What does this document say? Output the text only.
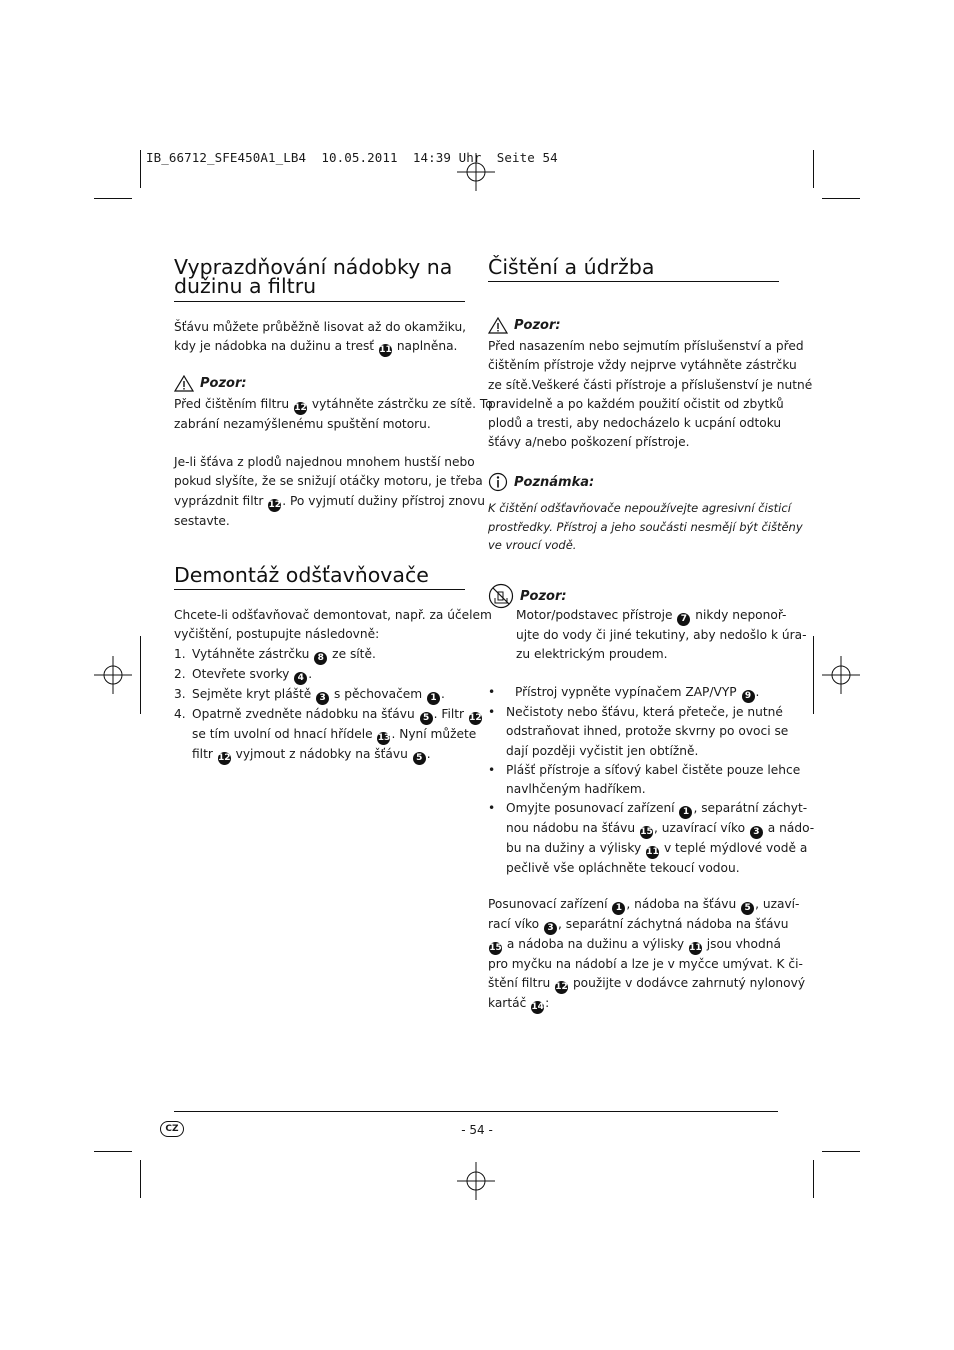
IB_66712_SFE450A1_LB4  10.05.2011  14:39 Uhr  Seite 54
Vyprazdňování nádobky na
dužinu a filtru
Šťávu můžete průběžně lisovat až do okamžiku,
kdy je nádobka na dužinu a tresť 11 naplněna.
Pozor:
Před čištěním filtru 12 vytáhněte zástrčku ze sítě. To
zabrání nezamýšlenému spuštění motoru.
Je-li šťáva z plodů najednou mnohem hustší nebo
pokud slyšíte, že se snižují otáčky motoru, je třeba
vyprázdnit filtr 12. Po vyjmutí dužiny přístroj znovu
sestavte.
Demontáž odšťavňovače
Chcete-li odšťavňovač demontovat, např. za účelem
vyčištění, postupujte následovně:
1. Vytáhněte zástrčku 8 ze sítě.
2. Otevřete svorky 4 .
3. Sejměte kryt pláště 3 s pěchovačem 1 .
4. Opatrně zvedněte nádobku na šťávu 5 . Filtr 12
se tím uvolní od hnací hřídele 13. Nyní můžete
filtr 12 vyjmout z nádobky na šťávu 5 .
Čištění a údržba
Pozor:
Před nasazením nebo sejmutím příslušenství a před
čištěním přístroje vždy nejprve vytáhněte zástrčku
ze sítě.Veškeré části přístroje a příslušenství je nutné
pravidelně a po každém použití očistit od zbytků
plodů a tresti, aby nedocházelo k ucpání odtoku
šťávy a/nebo poškození přístroje.
Poznámka:
K čištění odšťavňovače nepoužívejte agresivní čisticí
prostředky. Přístroj a jeho součásti nesmějí být čištěny
ve vroucí vodě.
Pozor:
Motor/podstavec přístroje 7 nikdy neponoř-
ujte do vody či jiné tekutiny, aby nedošlo k úra-
zu elektrickým proudem.
• Přístroj vypněte vypínačem ZAP/VYP 9 .
• Nečistoty nebo šťávu, která přeteče, je nutné
odstraňovat ihned, protože skvrny po ovoci se
dají později vyčistit jen obtížně.
• Plášť přístroje a síťový kabel čistěte pouze lehce
navlhčeným hadříkem.
• Omyjte posunovací zařízení 1 , separátní záchyt-
nou nádobu na šťávu 15, uzavírací víko 3 a nádo-
bu na dužiny a výlisky 11 v teplé mýdlové vodě a
pečlivě vše opláchněte tekoucí vodou.
Posunovací zařízení 1 , nádoba na šťávu 5 , uzaví-
rací víko 3 , separátní záchytná nádoba na šťávu
15 a nádoba na dužinu a výlisky 11 jsou vhodná
pro myčku na nádobí a lze je v myčce umývat. K či-
štění filtru 12 použijte v dodávce zahrnutý nylonový
kartáč 14:
CZ	- 54 -
